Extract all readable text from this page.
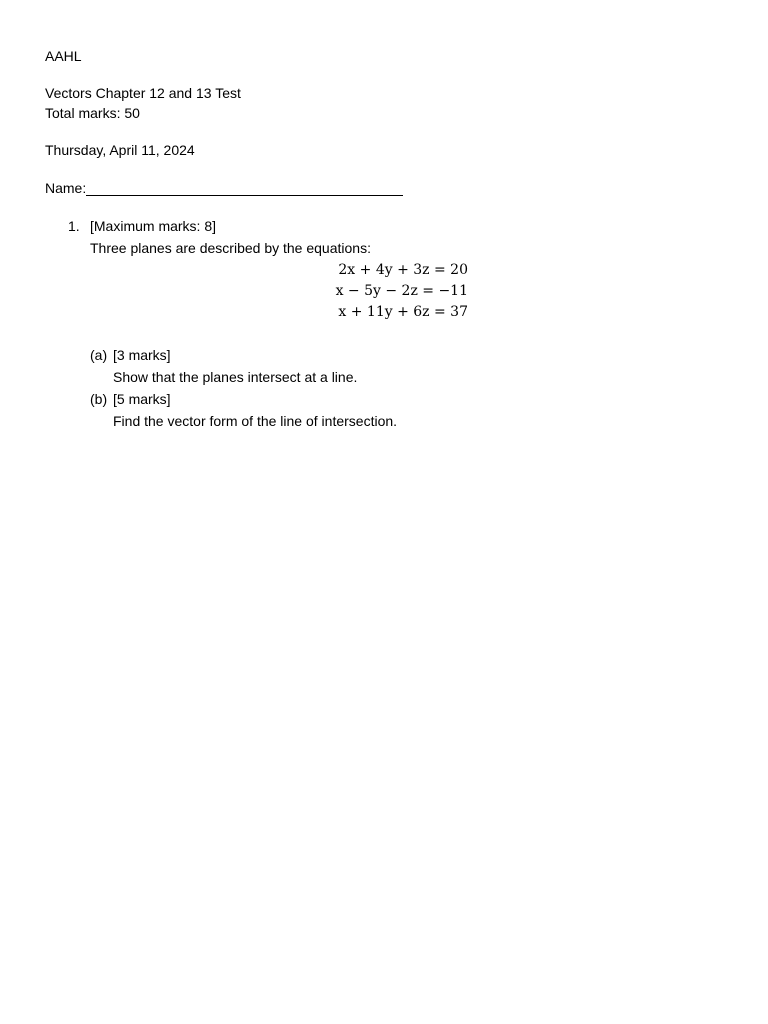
AAHL
Vectors Chapter 12 and 13 Test
Total marks: 50
Thursday, April 11, 2024
Name:
1. [Maximum marks: 8]
Three planes are described by the equations:
2x + 4y + 3z = 20
x − 5y − 2z = −11
x + 11y + 6z = 37
(a) [3 marks]
Show that the planes intersect at a line.
(b) [5 marks]
Find the vector form of the line of intersection.
